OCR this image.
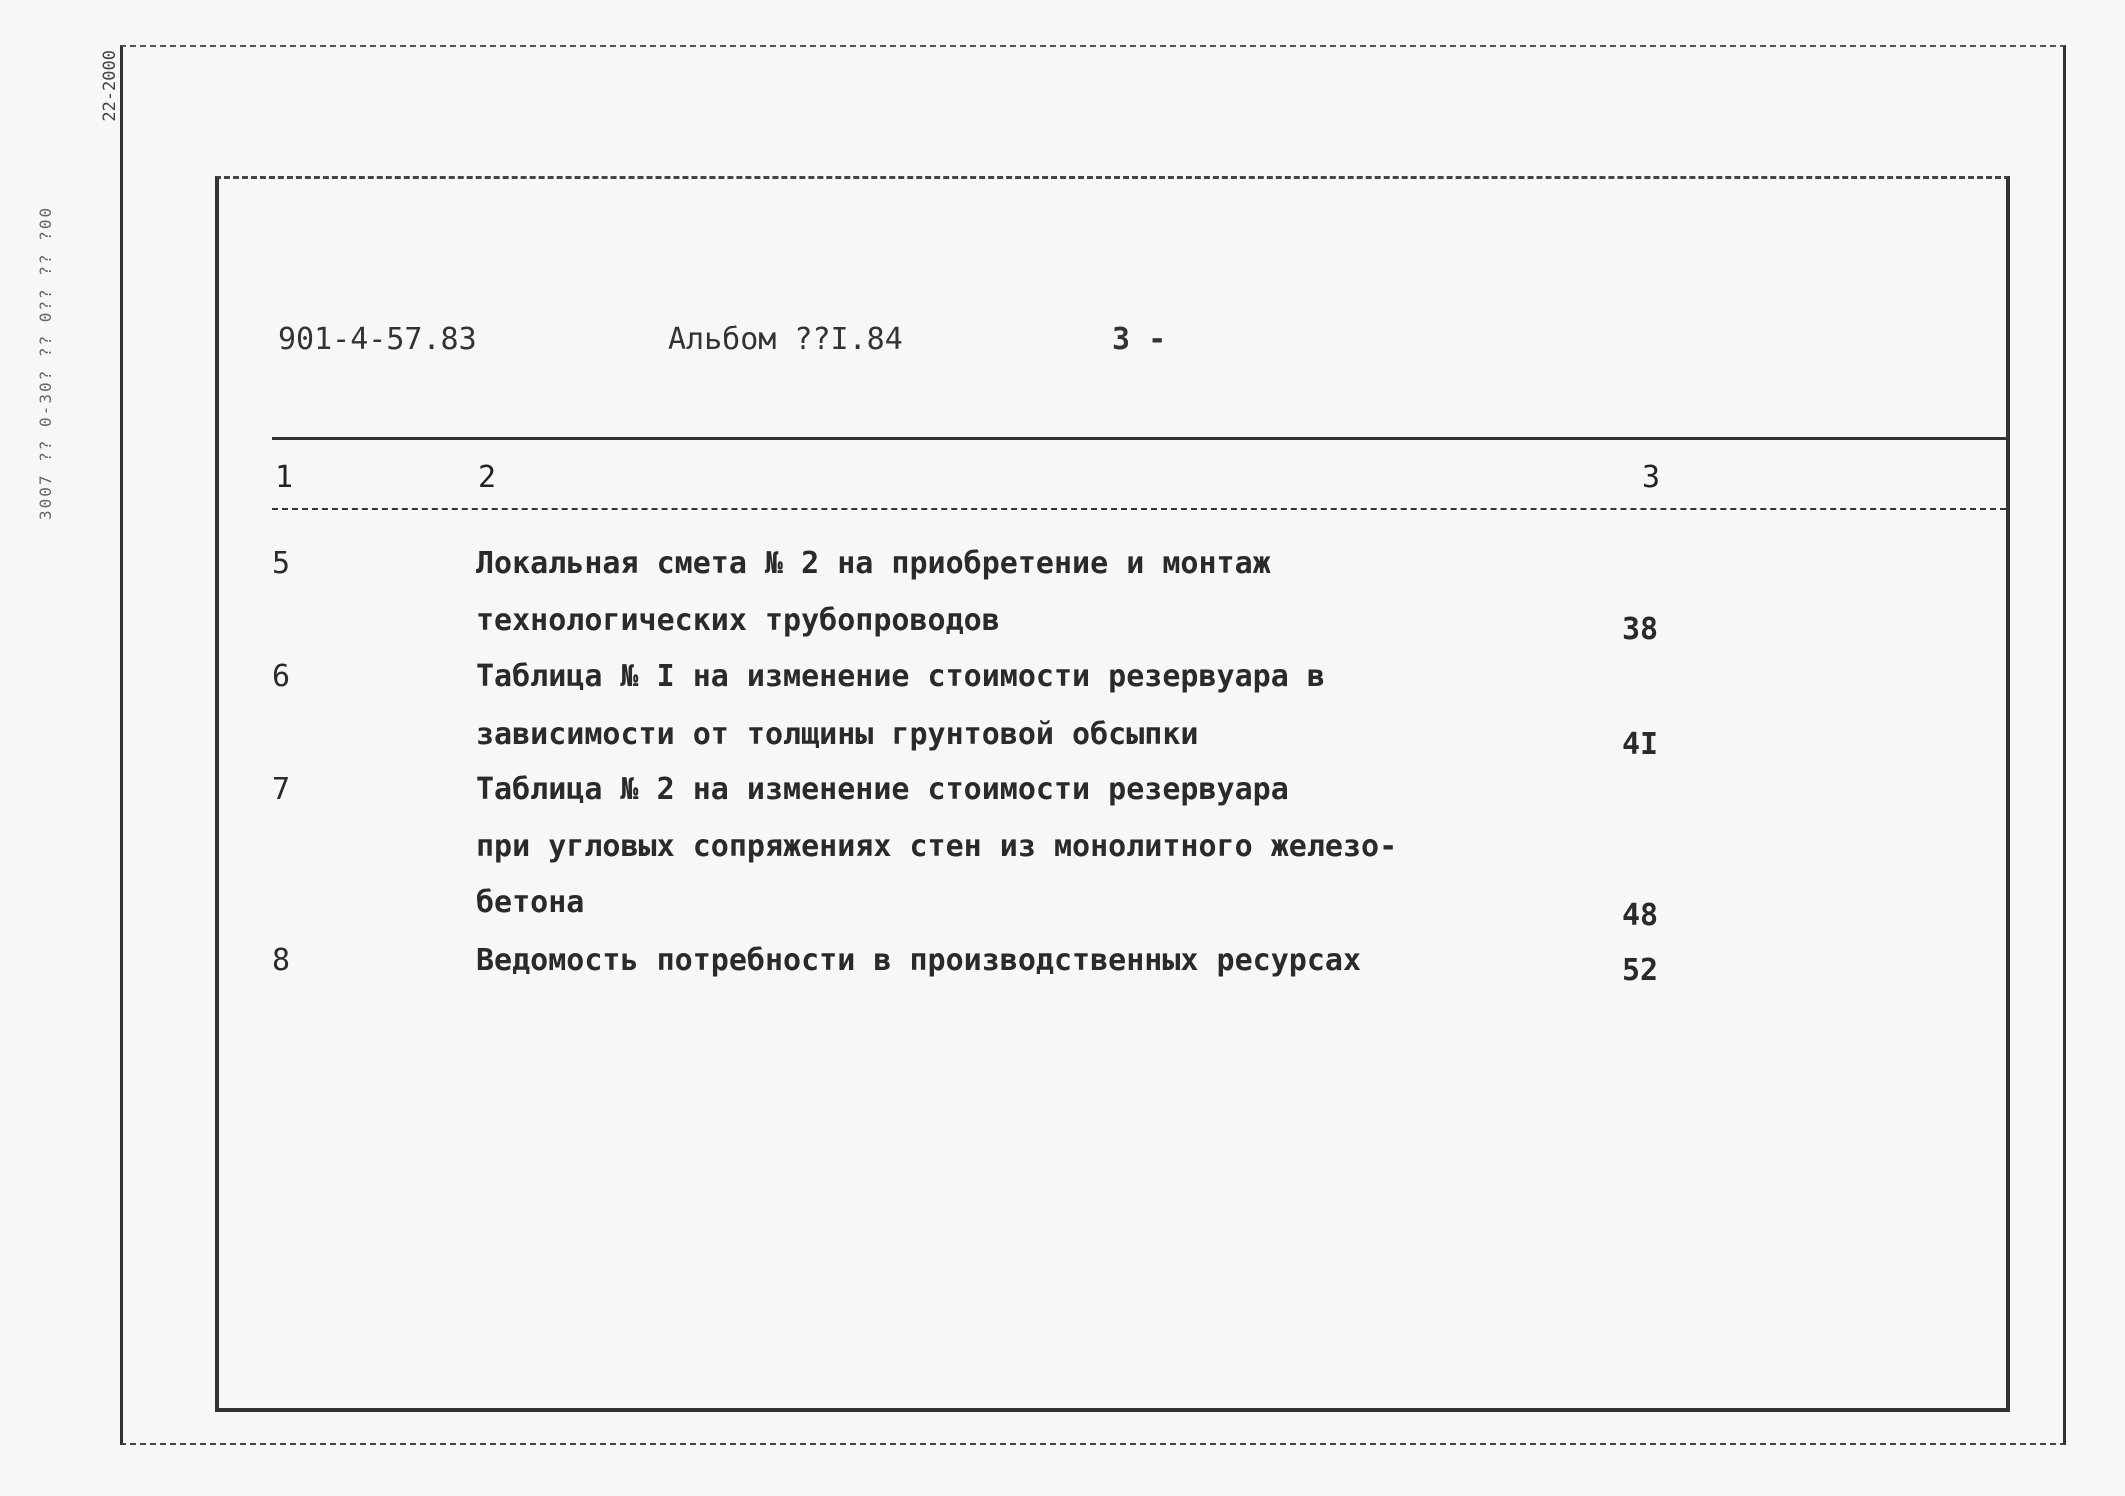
3007 ?? 0-30? ?? 0?? ?? ?00
22-2000
901-4-57.83	Альбом ??I.84	3 -
1	2	3
5	Локальная смета № 2 на приобретение и монтаж
технологических трубопроводов	38
6	Таблица № I на изменение стоимости резервуара в
зависимости от толщины грунтовой обсыпки	4I
7	Таблица № 2 на изменение стоимости резервуара
при угловых сопряжениях стен из монолитного железо-
бетона	48
8	Ведомость потребности в производственных ресурсах	52
